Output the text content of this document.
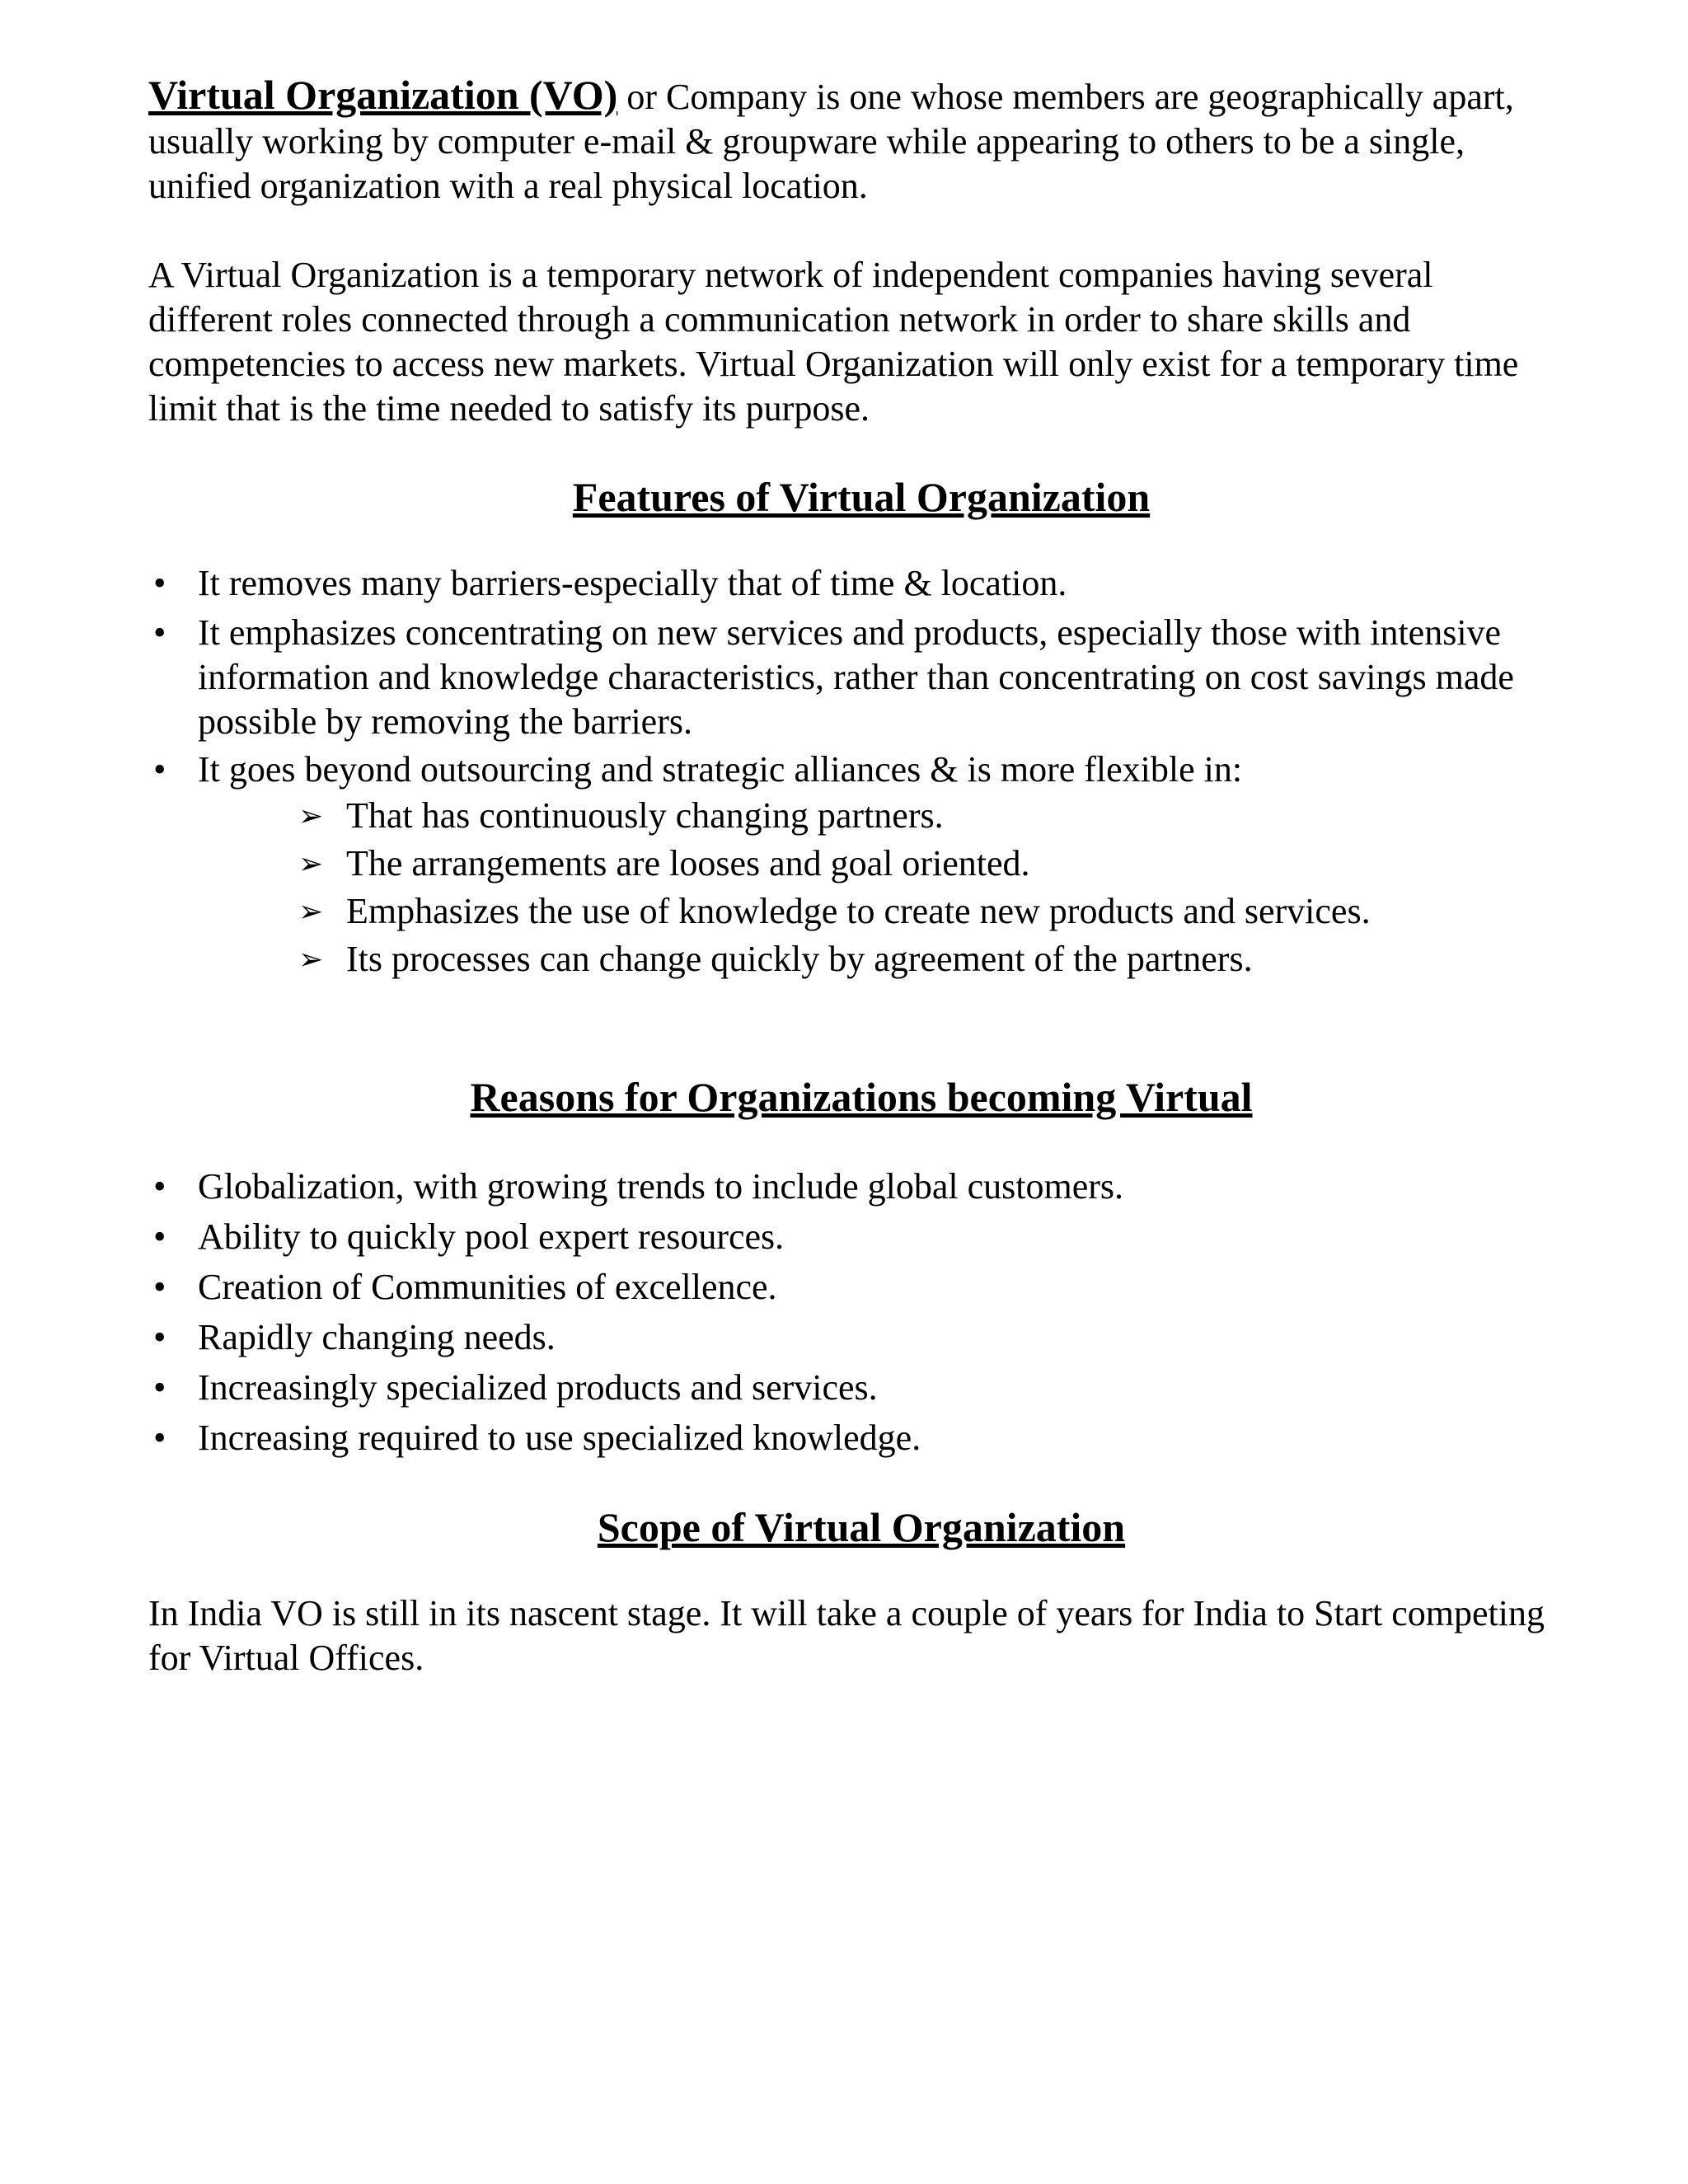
Virtual Organization (VO) or Company is one whose members are geographically apart, usually working by computer e-mail & groupware while appearing to others to be a single, unified organization with a real physical location.

A Virtual Organization is a temporary network of independent companies having several different roles connected through a communication network in order to share skills and competencies to access new markets. Virtual Organization will only exist for a temporary time limit that is the time needed to satisfy its purpose.

Features of Virtual Organization
• It removes many barriers-especially that of time & location.
• It emphasizes concentrating on new services and products, especially those with intensive information and knowledge characteristics, rather than concentrating on cost savings made possible by removing the barriers.
• It goes beyond outsourcing and strategic alliances & is more flexible in:
➢ That has continuously changing partners.
➢ The arrangements are looses and goal oriented.
➢ Emphasizes the use of knowledge to create new products and services.
➢ Its processes can change quickly by agreement of the partners.
Reasons for Organizations becoming Virtual
• Globalization, with growing trends to include global customers.
• Ability to quickly pool expert resources.
• Creation of Communities of excellence.
• Rapidly changing needs.
• Increasingly specialized products and services.
• Increasing required to use specialized knowledge.
Scope of Virtual Organization

In India VO is still in its nascent stage. It will take a couple of years for India to Start competing for Virtual Offices.
